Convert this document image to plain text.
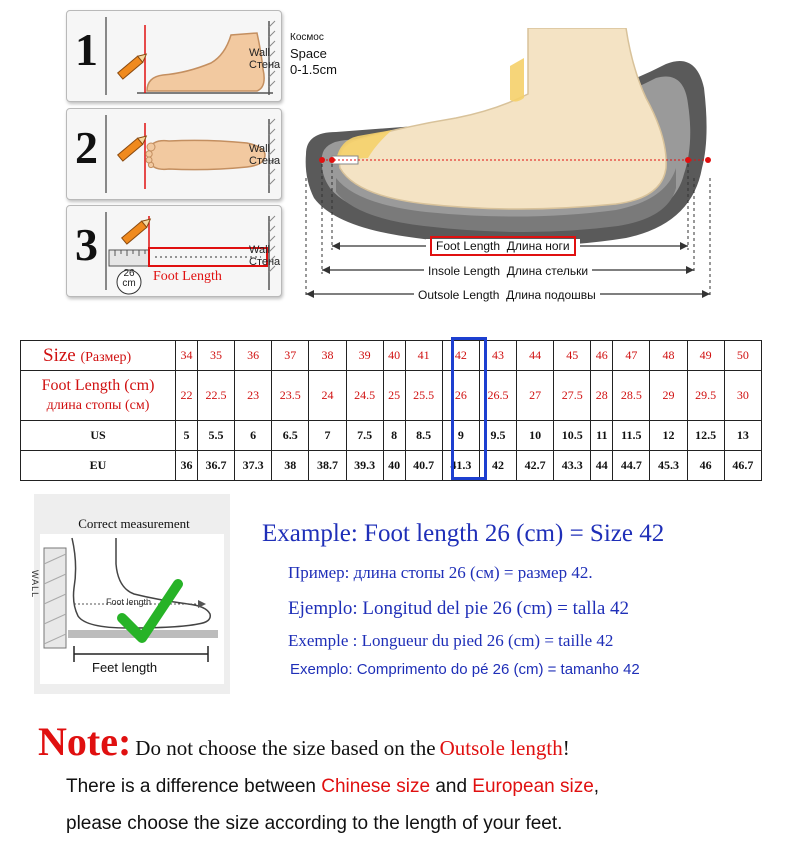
1	Wall
Стена
2	Wall
Стена
3
26
cm	Foot Length
Wall
Стена
Космос
Space
0-1.5cm
Foot Length Длина ноги
Insole Length Длина стельки
Outsole Length Длина подошвы
Size (Размер)	34	35	36	37	38	39	40	41	42	43	44	45	46	47	48	49	50
Foot Length (cm)
длина стопы (см)	22	22.5	23	23.5	24	24.5	25	25.5	26	26.5	27	27.5	28	28.5	29	29.5	30
US	5	5.5	6	6.5	7	7.5	8	8.5	9	9.5	10	10.5	11	11.5	12	12.5	13
EU	36	36.7	37.3	38	38.7	39.3	40	40.7	41.3	42	42.7	43.3	44	44.7	45.3	46	46.7
Correct measurement
WALL
Foot length
Feet length
Example: Foot length 26 (cm) = Size 42
Пример: длина стопы 26 (см) = размер 42.
Ejemplo: Longitud del pie 26 (cm) = talla 42
Exemple : Longueur du pied 26 (cm) = taille 42
Exemplo: Comprimento do pé 26 (cm) = tamanho 42
Note: Do not choose the size based on the Outsole length!
There is a difference between Chinese size and European size,
please choose the size according to the length of your feet.
